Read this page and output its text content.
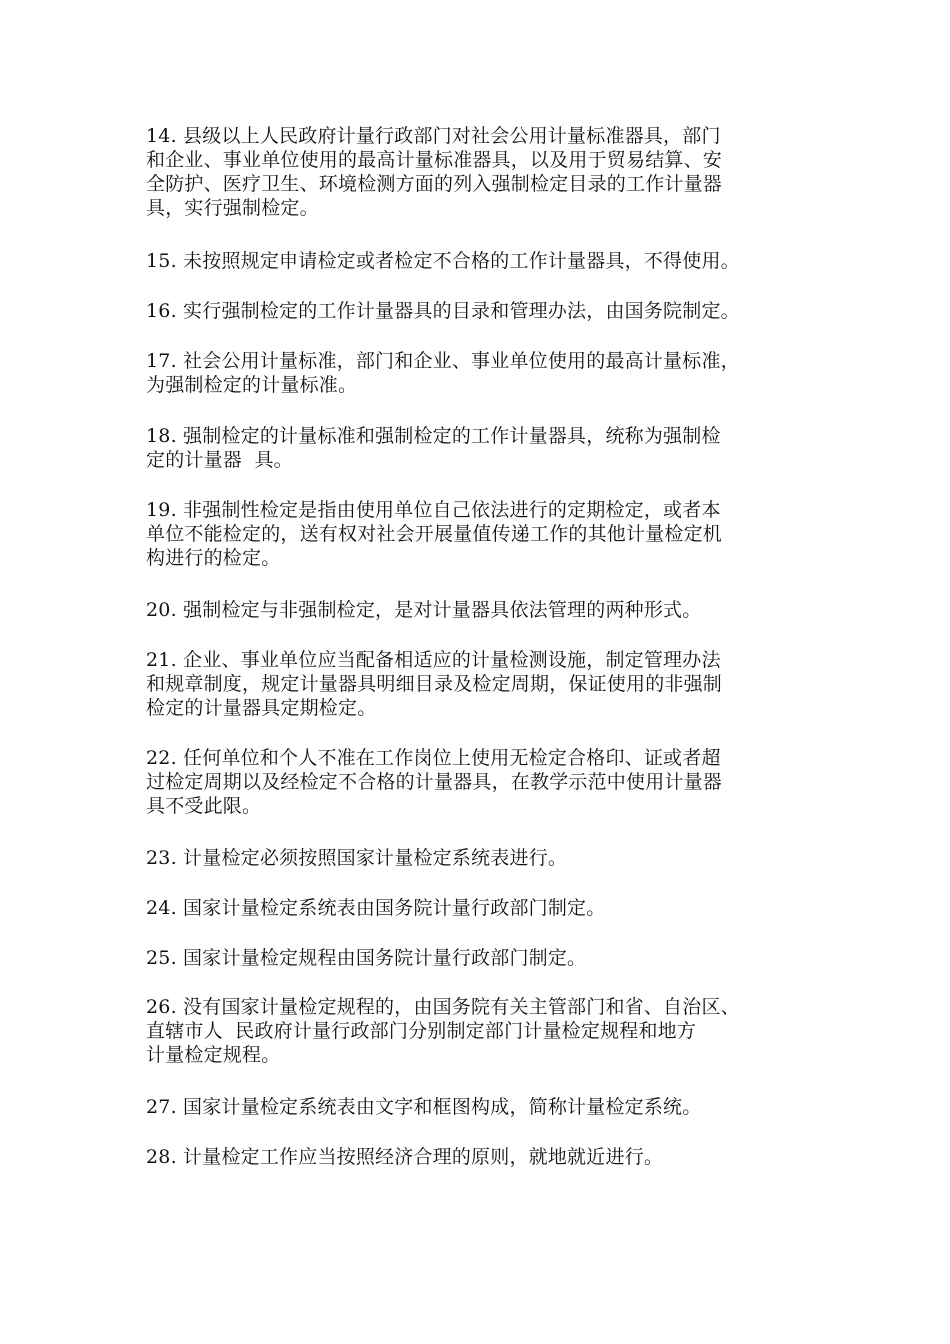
14. 县级以上人民政府计量行政部门对社会公用计量标准器具，部门
和企业、事业单位使用的最高计量标准器具，以及用于贸易结算、安
全防护、医疗卫生、环境检测方面的列入强制检定目录的工作计量器
具，实行强制检定。

15. 未按照规定申请检定或者检定不合格的工作计量器具，不得使用。

16. 实行强制检定的工作计量器具的目录和管理办法，由国务院制定。

17. 社会公用计量标准，部门和企业、事业单位使用的最高计量标准，
为强制检定的计量标准。

18. 强制检定的计量标准和强制检定的工作计量器具，统称为强制检
定的计量器  具。

19. 非强制性检定是指由使用单位自己依法进行的定期检定，或者本
单位不能检定的，送有权对社会开展量值传递工作的其他计量检定机
构进行的检定。

20. 强制检定与非强制检定，是对计量器具依法管理的两种形式。

21. 企业、事业单位应当配备相适应的计量检测设施，制定管理办法
和规章制度，规定计量器具明细目录及检定周期，保证使用的非强制
检定的计量器具定期检定。

22. 任何单位和个人不准在工作岗位上使用无检定合格印、证或者超
过检定周期以及经检定不合格的计量器具，在教学示范中使用计量器
具不受此限。

23. 计量检定必须按照国家计量检定系统表进行。

24. 国家计量检定系统表由国务院计量行政部门制定。

25. 国家计量检定规程由国务院计量行政部门制定。

26. 没有国家计量检定规程的，由国务院有关主管部门和省、自治区、
直辖市人  民政府计量行政部门分别制定部门计量检定规程和地方
计量检定规程。

27. 国家计量检定系统表由文字和框图构成，简称计量检定系统。

28. 计量检定工作应当按照经济合理的原则，就地就近进行。
